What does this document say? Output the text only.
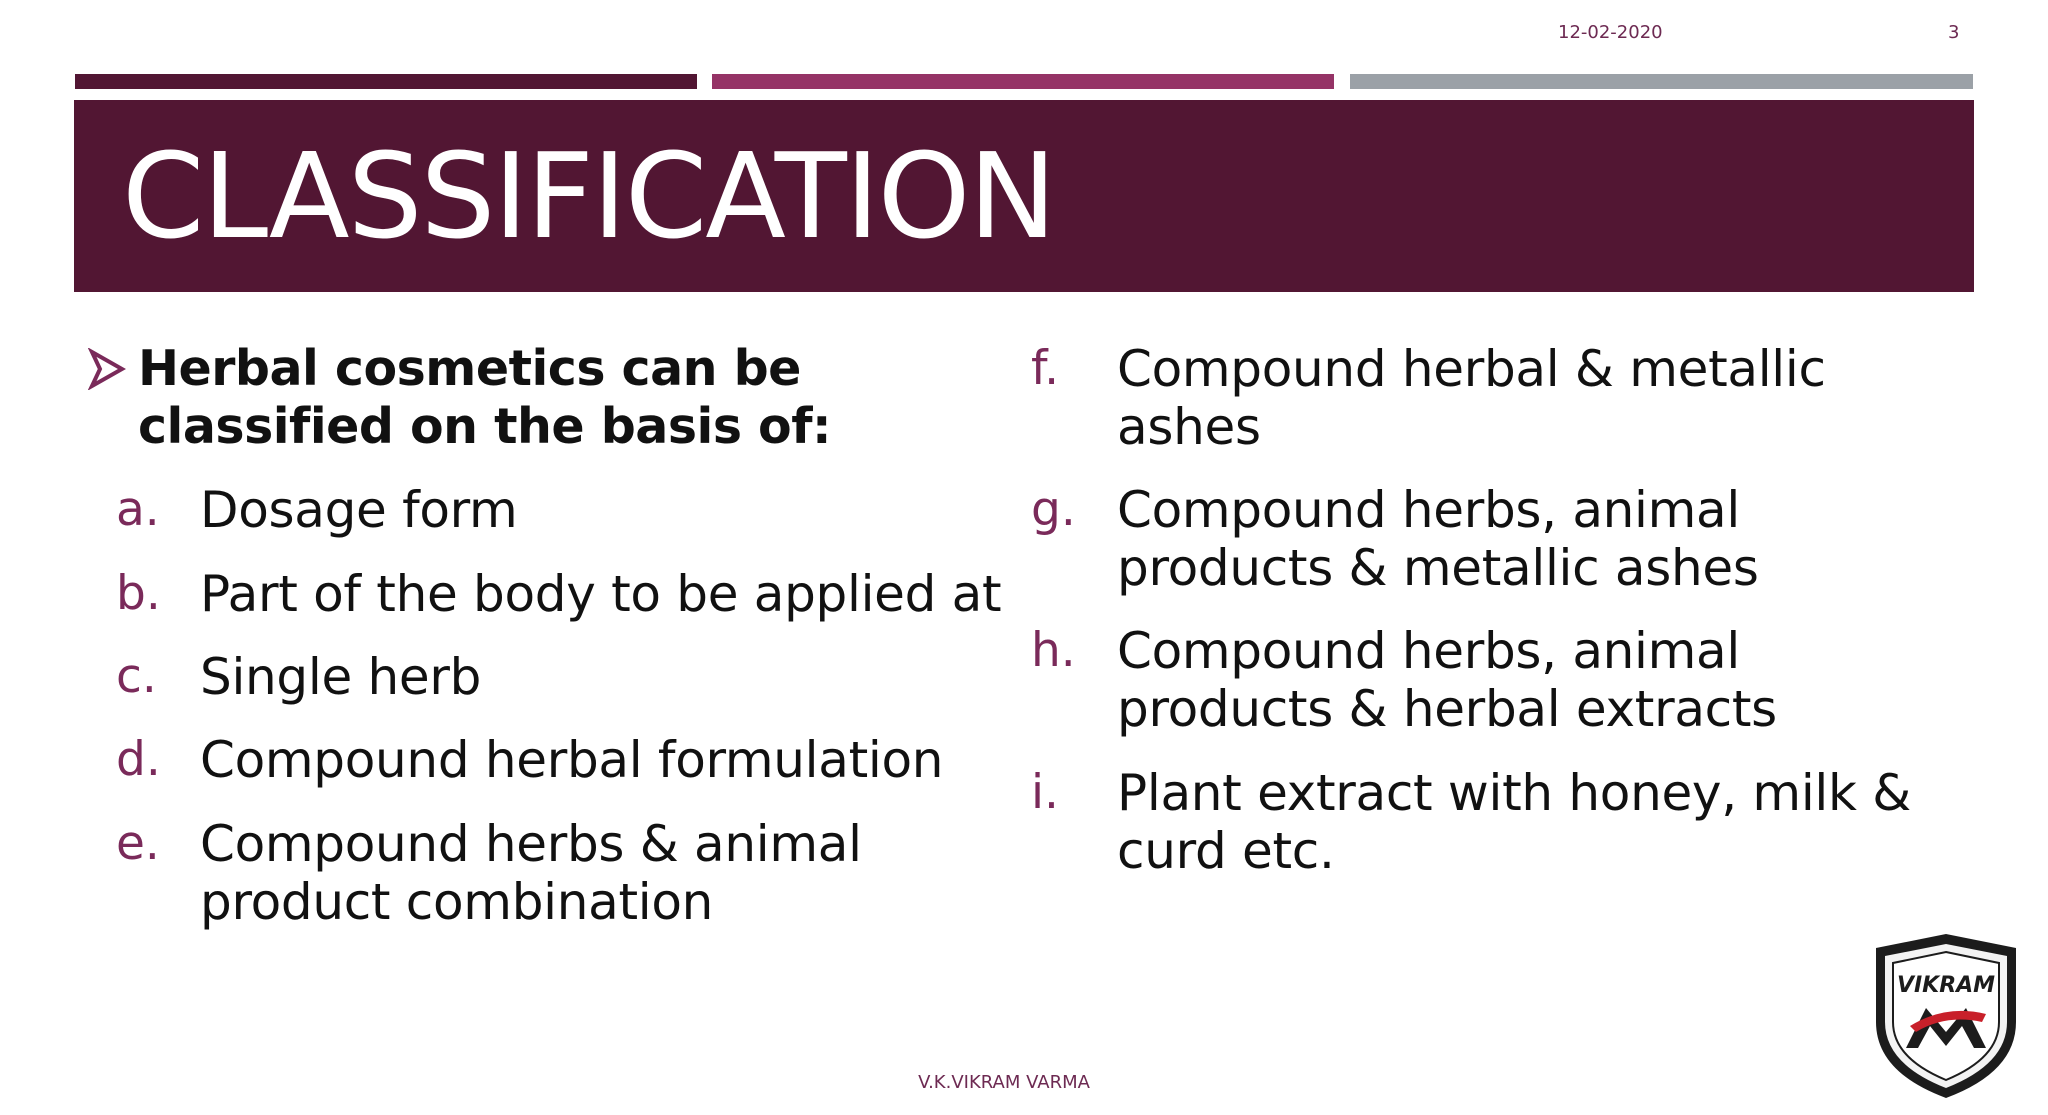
12-02-2020	3
CLASSIFICATION
Herbal cosmetics can be classified on the basis of:
a. Dosage form
b. Part of the body to be applied at
c. Single herb
d. Compound herbal formulation
e. Compound herbs & animal product combination
f. Compound herbal & metallic ashes
g. Compound herbs, animal products & metallic ashes
h. Compound herbs, animal products & herbal extracts
i. Plant extract with honey, milk & curd etc.
V.K.VIKRAM VARMA
VIKRAM
